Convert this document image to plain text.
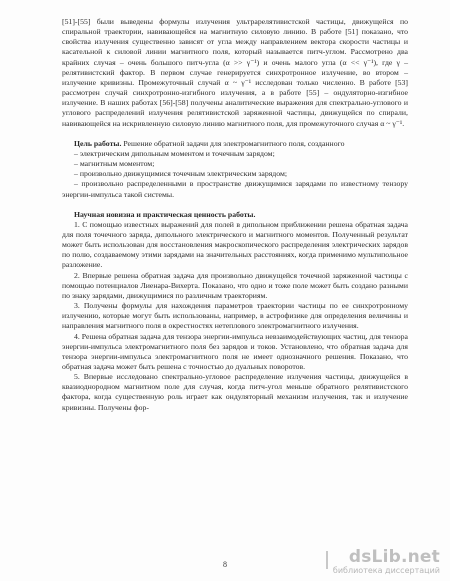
[51]-[55] были выведены формулы излучения ультрарелятивистской частицы, движущейся по спиральной траектории, навивающейся на магнитную силовую линию. В работе [51] показано, что свойства излучения существенно зависят от угла между направлением вектора скорости частицы и касательной к силовой линии магнитного поля, который называется питч-углом. Рассмотрено два крайних случая – очень большого питч-угла (α >> γ⁻¹) и очень малого угла (α << γ⁻¹), где γ – релятивистский фактор. В первом случае генерируется синхротронное излучение, во втором – излучение кривизны. Промежуточный случай α ~ γ⁻¹ исследован только численно. В работе [53] рассмотрен случай синхротронно-изгибного излучения, а в работе [55] – ондуляторно-изгибное излучение. В наших работах [56]-[58] получены аналитические выражения для спектрально-углового и углового распределений излучения релятивистской заряженной частицы, движущейся по спирали, навивающейся на искривленную силовую линию магнитного поля, для промежуточного случая α ~ γ⁻¹.

Цель работы. Решение обратной задачи для электромагнитного поля, созданного

– электрическим дипольным моментом и точечным зарядом;

– магнитным моментом;

– произвольно движущимися точечным электрическим зарядом;

– произвольно распределенными в пространстве движущимися зарядами по известному тензору энергии-импульса такой системы.

Научная новизна и практическая ценность работы.

1. С помощью известных выражений для полей в дипольном приближении решена обратная задача для поля точечного заряда, дипольного электрического и магнитного моментов. Полученный результат может быть использован для восстановления макроскопического распределения электрических зарядов по полю, создаваемому этими зарядами на значительных расстояниях, когда применимо мультипольное разложение.

2. Впервые решена обратная задача для произвольно движущейся точечной заряженной частицы с помощью потенциалов Лиенара-Вихерта. Показано, что одно и тоже поле может быть создано разными по знаку зарядами, движущимися по различным траекториям.

3. Получены формулы для нахождения параметров траектории частицы по ее синхротронному излучению, которые могут быть использованы, например, в астрофизике для определения величины и направления магнитного поля в окрестностях нетеплового электромагнитного излучения.

4. Решена обратная задача для тензора энергии-импульса невзаимодействующих частиц, для тензора энергии-импульса электромагнитного поля без зарядов и токов. Установлено, что обратная задача для тензора энергии-импульса электромагнитного поля не имеет однозначного решения. Показано, что обратная задача может быть решена с точностью до дуальных поворотов.

5. Впервые исследовано спектрально-угловое распределение излучения частицы, движущейся в квазиоднородном магнитном поле для случая, когда питч-угол меньше обратного релятивистского фактора, когда существенную роль играет как ондуляторный механизм излучения, так и излучение кривизны. Получены фор-

8	dsLib.net
библиотека диссертаций
